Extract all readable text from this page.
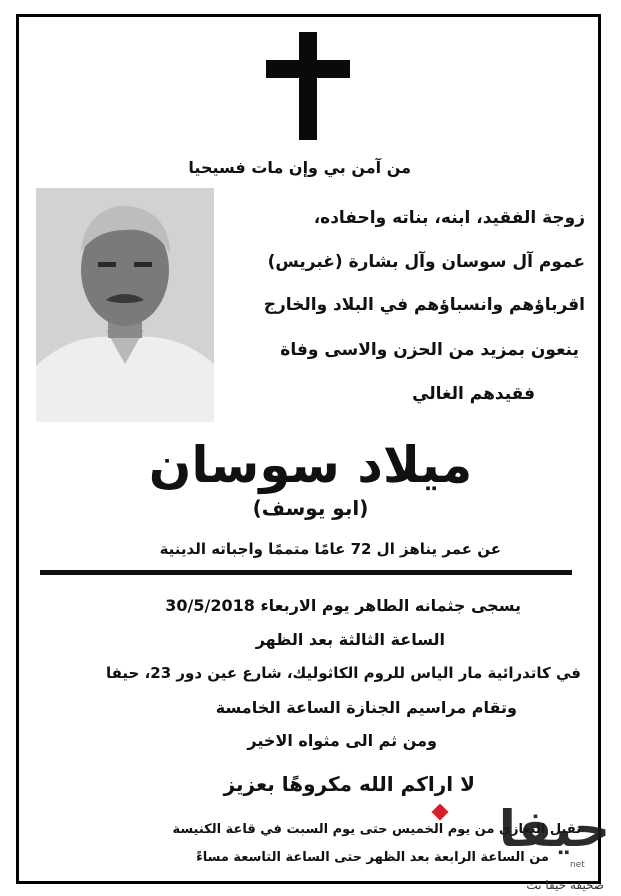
من آمن بي وإن مات فسيحيا
زوجة الفقيد، ابنه، بناته واحفاده،
عموم آل سوسان وآل بشارة (غبريس)
اقرباؤهم وانسباؤهم في البلاد والخارج
ينعون بمزيد من الحزن والاسى وفاة
فقيدهم الغالي
ميلاد سوسان
(ابو يوسف)
عن عمر يناهز ال 72 عامًا متممًا واجباته الدينية
يسجى جثمانه الطاهر يوم الاربعاء 30/5/2018
الساعة الثالثة بعد الظهر
في كاتدرائية مار الياس للروم الكاثوليك، شارع عين دور 23، حيفا
وتقام مراسيم الجنازة الساعة الخامسة
ومن ثم الى مثواه الاخير
لا اراكم الله مكروهًا بعزيز
تقبل التعازي من يوم الخميس حتى يوم السبت في قاعة الكنيسة
من الساعة الرابعة بعد الظهر حتى الساعة التاسعة مساءً
حيفا
net
صحيفة حيفا نت
